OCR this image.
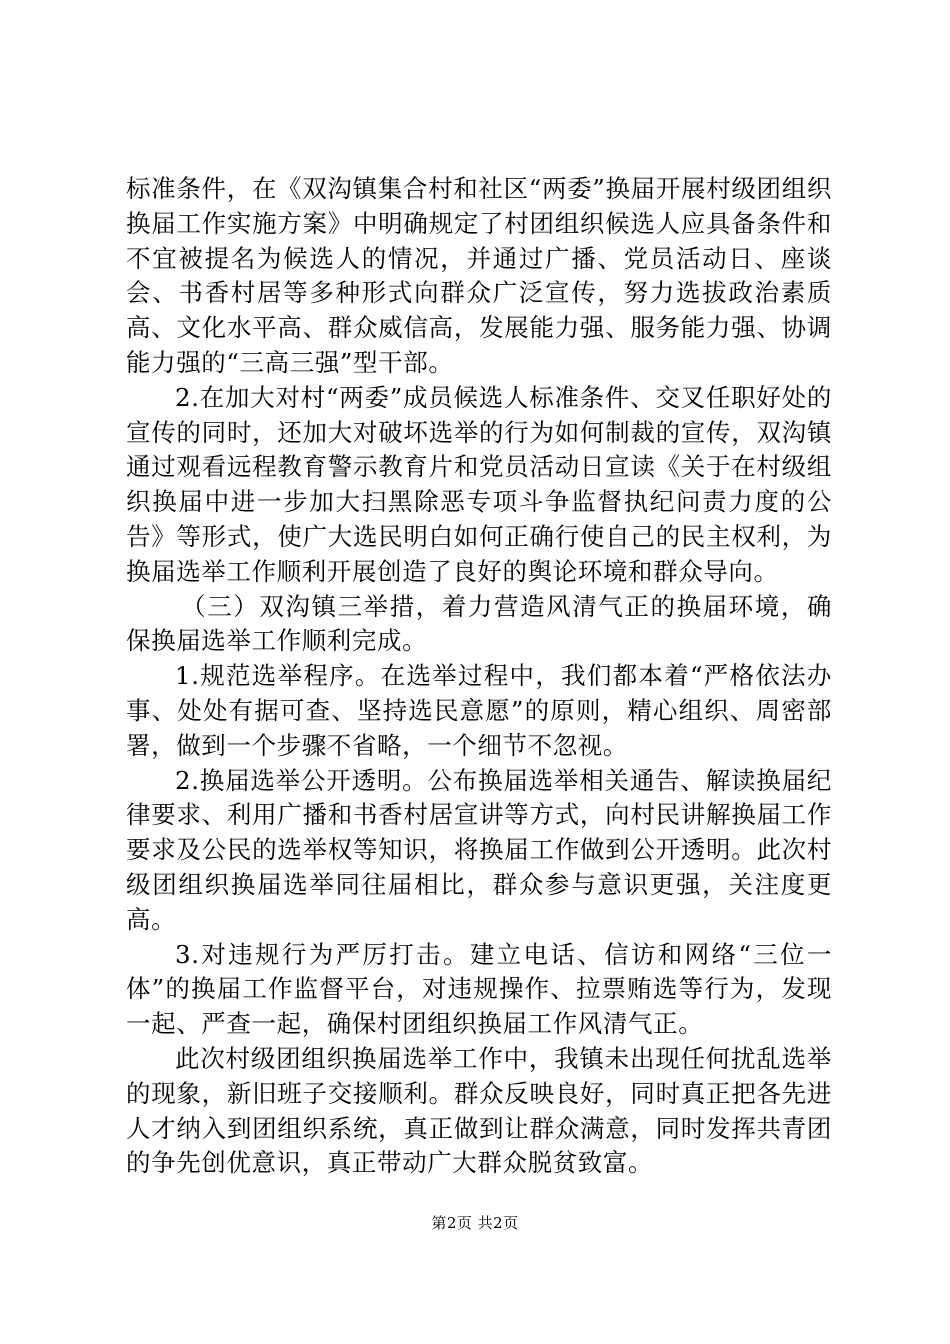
标准条件，在《双沟镇集合村和社区“两委”换届开展村级团组织换届工作实施方案》中明确规定了村团组织候选人应具备条件和不宜被提名为候选人的情况，并通过广播、党员活动日、座谈会、书香村居等多种形式向群众广泛宣传，努力选拔政治素质高、文化水平高、群众威信高，发展能力强、服务能力强、协调能力强的“三高三强”型干部。

2.在加大对村“两委”成员候选人标准条件、交叉任职好处的宣传的同时，还加大对破坏选举的行为如何制裁的宣传，双沟镇通过观看远程教育警示教育片和党员活动日宣读《关于在村级组织换届中进一步加大扫黑除恶专项斗争监督执纪问责力度的公告》等形式，使广大选民明白如何正确行使自己的民主权利，为换届选举工作顺利开展创造了良好的舆论环境和群众导向。

（三）双沟镇三举措，着力营造风清气正的换届环境，确保换届选举工作顺利完成。

1.规范选举程序。在选举过程中，我们都本着“严格依法办事、处处有据可查、坚持选民意愿”的原则，精心组织、周密部署，做到一个步骤不省略，一个细节不忽视。

2.换届选举公开透明。公布换届选举相关通告、解读换届纪律要求、利用广播和书香村居宣讲等方式，向村民讲解换届工作要求及公民的选举权等知识，将换届工作做到公开透明。此次村级团组织换届选举同往届相比，群众参与意识更强，关注度更高。

3.对违规行为严厉打击。建立电话、信访和网络“三位一体”的换届工作监督平台，对违规操作、拉票贿选等行为，发现一起、严查一起，确保村团组织换届工作风清气正。

此次村级团组织换届选举工作中，我镇未出现任何扰乱选举的现象，新旧班子交接顺利。群众反映良好，同时真正把各先进人才纳入到团组织系统，真正做到让群众满意，同时发挥共青团的争先创优意识，真正带动广大群众脱贫致富。

第2页 共2页
